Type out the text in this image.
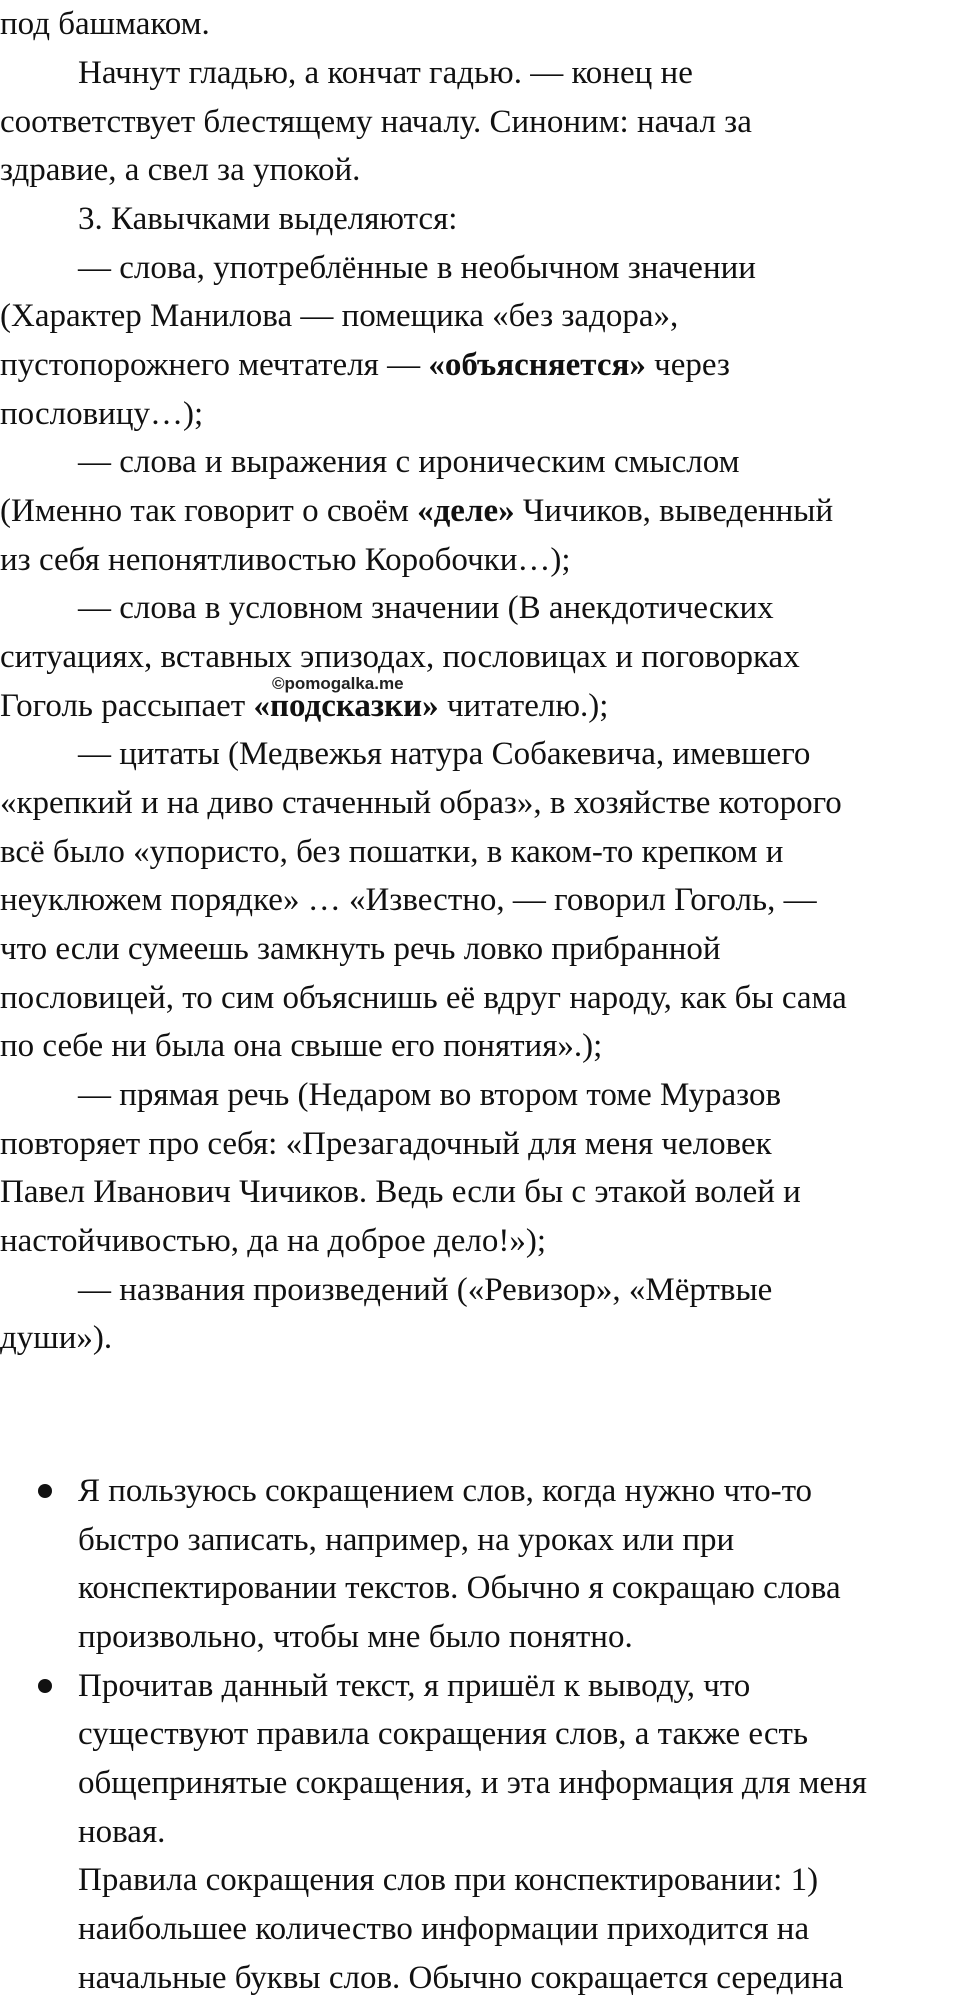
под башмаком.
Начнут гладью, а кончат гадью. — конец не
соответствует блестящему началу. Синоним: начал за
здравие, а свел за упокой.
3. Кавычками выделяются:
— слова, употреблённые в необычном значении
(Характер Манилова — помещика «без задора»,
пустопорожнего мечтателя — «объясняется» через
пословицу…);
— слова и выражения с ироническим смыслом
(Именно так говорит о своём «деле» Чичиков, выведенный
из себя непонятливостью Коробочки…);
— слова в условном значении (В анекдотических
ситуациях, вставных эпизодах, пословицах и поговорках
Гоголь рассыпает «подсказки» читателю.);
— цитаты (Медвежья натура Собакевича, имевшего
«крепкий и на диво стаченный образ», в хозяйстве которого
всё было «упористо, без пошатки, в каком-то крепком и
неуклюжем порядке» … «Известно, — говорил Гоголь, —
что если сумеешь замкнуть речь ловко прибранной
пословицей, то сим объяснишь её вдруг народу, как бы сама
по себе ни была она свыше его понятия».);
— прямая речь (Недаром во втором томе Муразов
повторяет про себя: «Презагадочный для меня человек
Павел Иванович Чичиков. Ведь если бы с этакой волей и
настойчивостью, да на доброе дело!»);
— названия произведений («Ревизор», «Мёртвые
души»).
©pomogalka.me
Я пользуюсь сокращением слов, когда нужно что-то
быстро записать, например, на уроках или при
конспектировании текстов. Обычно я сокращаю слова
произвольно, чтобы мне было понятно.
Прочитав данный текст, я пришёл к выводу, что
существуют правила сокращения слов, а также есть
общепринятые сокращения, и эта информация для меня
новая.
Правила сокращения слов при конспектировании: 1)
наибольшее количество информации приходится на
начальные буквы слов. Обычно сокращается середина
